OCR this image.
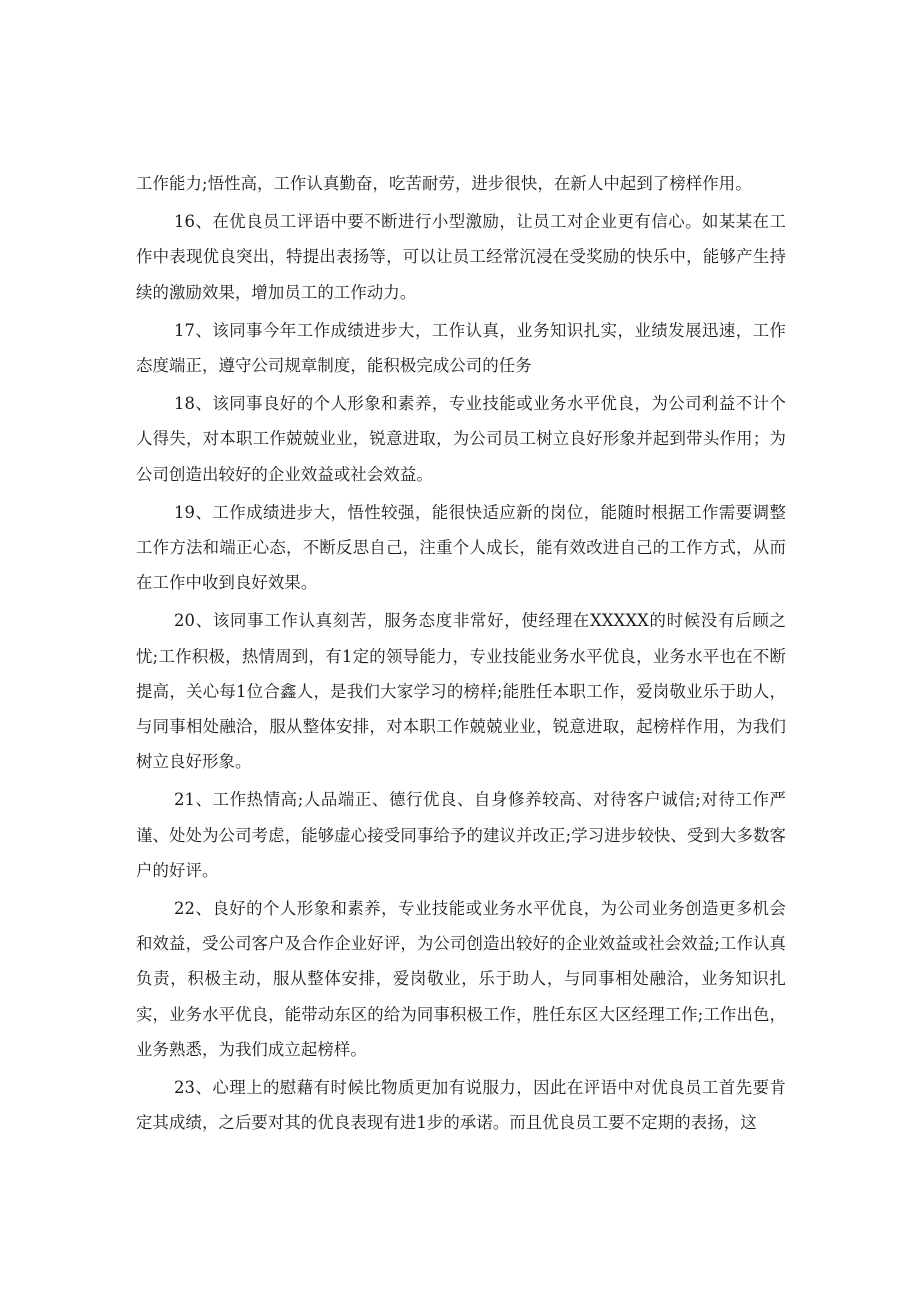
工作能力;悟性高，工作认真勤奋，吃苦耐劳，进步很快，在新人中起到了榜样作用。

16、在优良员工评语中要不断进行小型激励，让员工对企业更有信心。如某某在工作中表现优良突出，特提出表扬等，可以让员工经常沉浸在受奖励的快乐中，能够产生持续的激励效果，增加员工的工作动力。

17、该同事今年工作成绩进步大，工作认真，业务知识扎实，业绩发展迅速，工作态度端正，遵守公司规章制度，能积极完成公司的任务

18、该同事良好的个人形象和素养，专业技能或业务水平优良，为公司利益不计个人得失，对本职工作兢兢业业，锐意进取，为公司员工树立良好形象并起到带头作用；为公司创造出较好的企业效益或社会效益。

19、工作成绩进步大，悟性较强，能很快适应新的岗位，能随时根据工作需要调整工作方法和端正心态，不断反思自己，注重个人成长，能有效改进自己的工作方式，从而在工作中收到良好效果。

20、该同事工作认真刻苦，服务态度非常好，使经理在XXXXX的时候没有后顾之忧;工作积极，热情周到，有1定的领导能力，专业技能业务水平优良，业务水平也在不断提高，关心每1位合鑫人，是我们大家学习的榜样;能胜任本职工作，爱岗敬业乐于助人，与同事相处融洽，服从整体安排，对本职工作兢兢业业，锐意进取，起榜样作用，为我们树立良好形象。

21、工作热情高;人品端正、德行优良、自身修养较高、对待客户诚信;对待工作严谨、处处为公司考虑，能够虚心接受同事给予的建议并改正;学习进步较快、受到大多数客户的好评。

22、良好的个人形象和素养，专业技能或业务水平优良，为公司业务创造更多机会和效益，受公司客户及合作企业好评，为公司创造出较好的企业效益或社会效益;工作认真负责，积极主动，服从整体安排，爱岗敬业，乐于助人，与同事相处融洽，业务知识扎实，业务水平优良，能带动东区的给为同事积极工作，胜任东区大区经理工作;工作出色，业务熟悉，为我们成立起榜样。

23、心理上的慰藉有时候比物质更加有说服力，因此在评语中对优良员工首先要肯定其成绩，之后要对其的优良表现有进1步的承诺。而且优良员工要不定期的表扬，这
